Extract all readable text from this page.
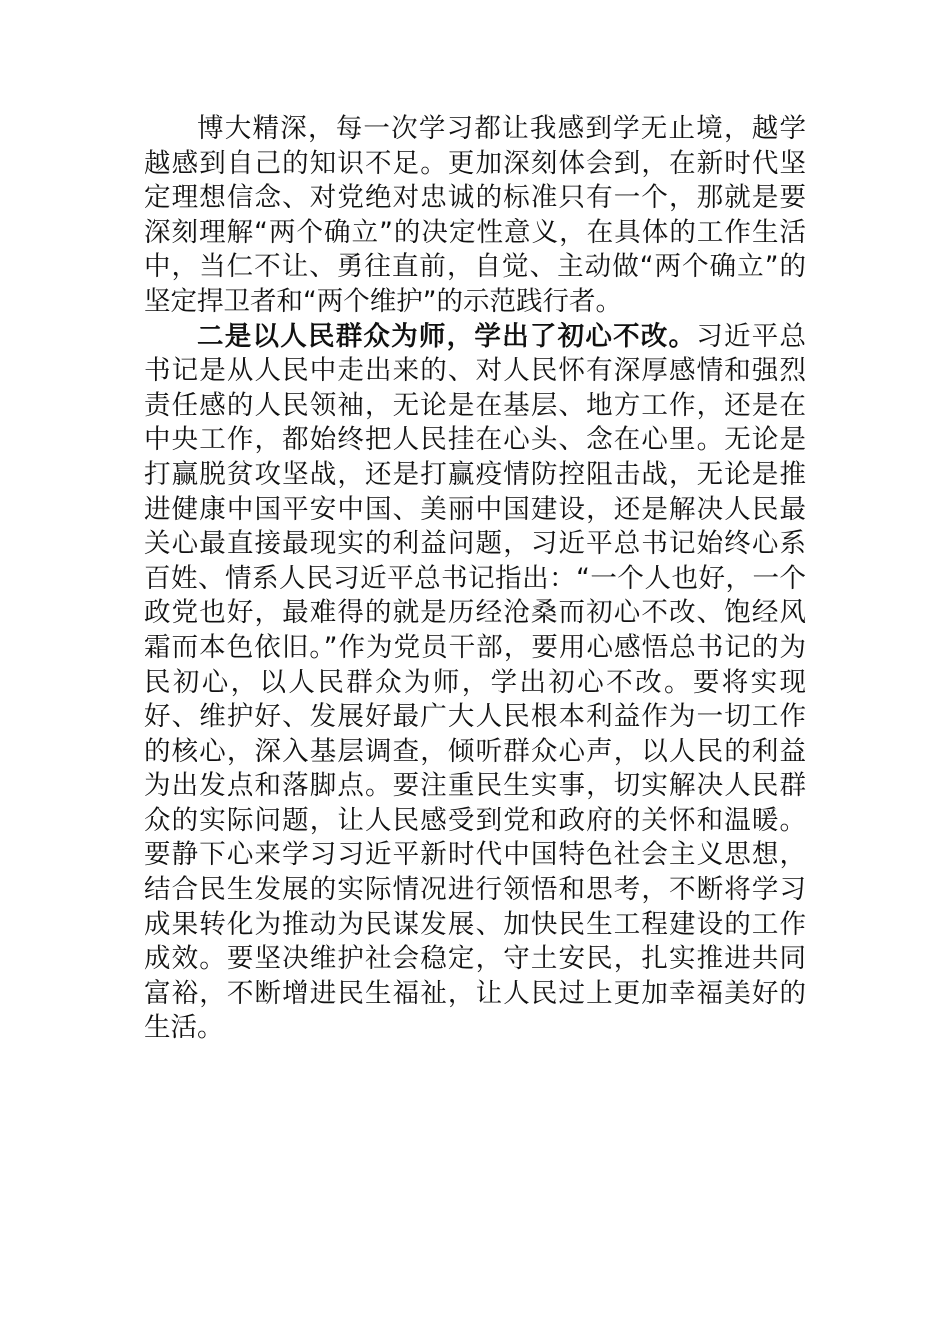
博大精深，每一次学习都让我感到学无止境，越学越感到自己的知识不足。更加深刻体会到，在新时代坚定理想信念、对党绝对忠诚的标准只有一个，那就是要深刻理解“两个确立”的决定性意义，在具体的工作生活中，当仁不让、勇往直前，自觉、主动做“两个确立”的坚定捍卫者和“两个维护”的示范践行者。

二是以人民群众为师，学出了初心不改。习近平总书记是从人民中走出来的、对人民怀有深厚感情和强烈责任感的人民领袖，无论是在基层、地方工作，还是在中央工作，都始终把人民挂在心头、念在心里。无论是打赢脱贫攻坚战，还是打赢疫情防控阻击战，无论是推进健康中国平安中国、美丽中国建设，还是解决人民最关心最直接最现实的利益问题，习近平总书记始终心系百姓、情系人民习近平总书记指出：“一个人也好，一个政党也好，最难得的就是历经沧桑而初心不改、饱经风霜而本色依旧。”作为党员干部，要用心感悟总书记的为民初心，以人民群众为师，学出初心不改。要将实现好、维护好、发展好最广大人民根本利益作为一切工作的核心，深入基层调查，倾听群众心声，以人民的利益为出发点和落脚点。要注重民生实事，切实解决人民群众的实际问题，让人民感受到党和政府的关怀和温暖。要静下心来学习习近平新时代中国特色社会主义思想，结合民生发展的实际情况进行领悟和思考，不断将学习成果转化为推动为民谋发展、加快民生工程建设的工作成效。要坚决维护社会稳定，守土安民，扎实推进共同富裕，不断增进民生福祉，让人民过上更加幸福美好的生活。
